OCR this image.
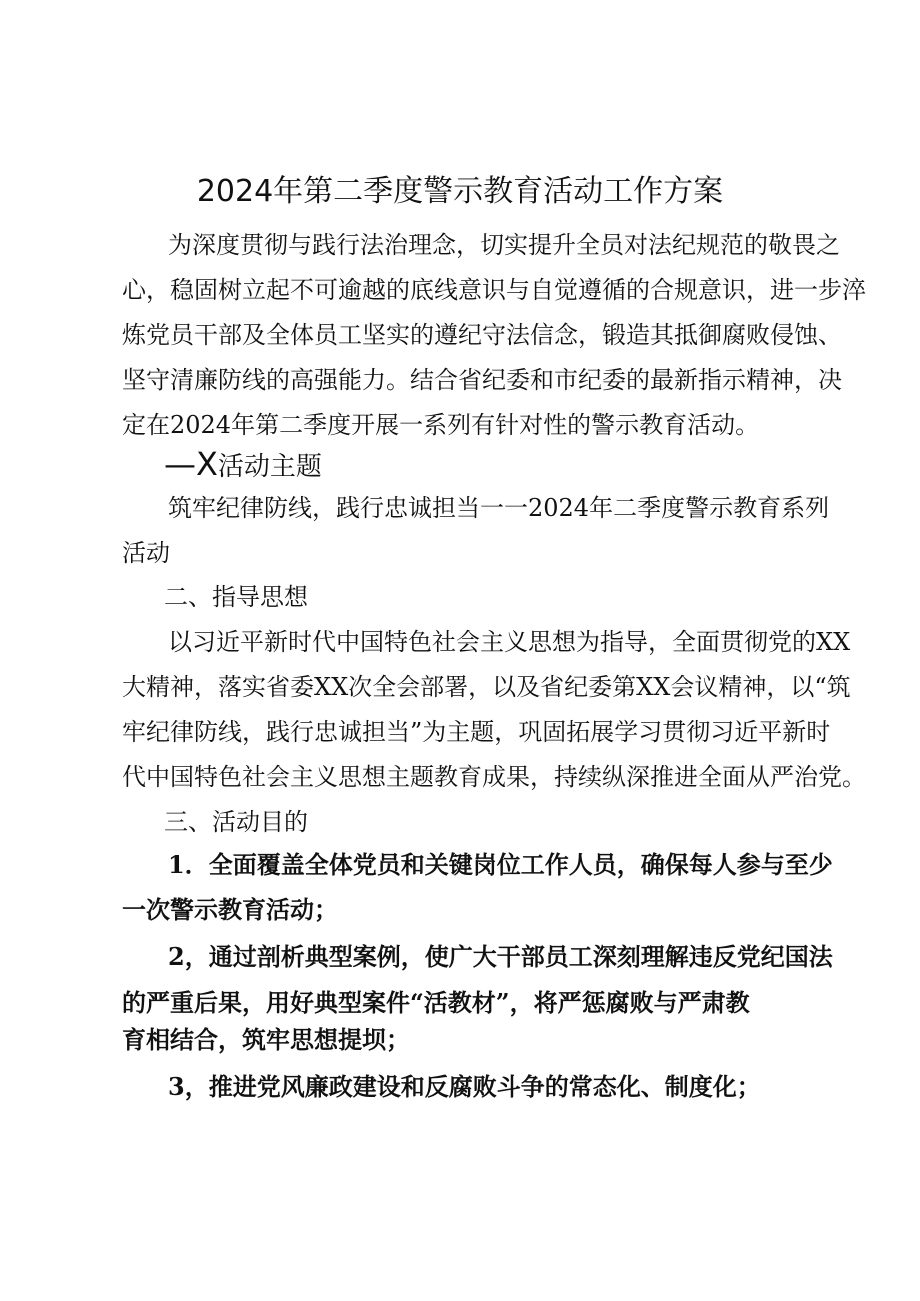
2024年第二季度警示教育活动工作方案
为深度贯彻与践行法治理念，切实提升全员对法纪规范的敬畏之
心，稳固树立起不可逾越的底线意识与自觉遵循的合规意识，进一步淬
炼党员干部及全体员工坚实的遵纪守法信念，锻造其抵御腐败侵蚀、
坚守清廉防线的高强能力。结合省纪委和市纪委的最新指示精神，决
定在2024年第二季度开展一系列有针对性的警示教育活动。
—X活动主题
筑牢纪律防线，践行忠诚担当一一2024年二季度警示教育系列
活动
二、指导思想
以习近平新时代中国特色社会主义思想为指导，全面贯彻党的XX
大精神，落实省委XX次全会部署，以及省纪委第XX会议精神，以“筑
牢纪律防线，践行忠诚担当”为主题，巩固拓展学习贯彻习近平新时
代中国特色社会主义思想主题教育成果，持续纵深推进全面从严治党。
三、活动目的
1．全面覆盖全体党员和关键岗位工作人员，确保每人参与至少
一次警示教育活动；
2，通过剖析典型案例，使广大干部员工深刻理解违反党纪国法
的严重后果，用好典型案件“活教材”，将严惩腐败与严肃教
育相结合，筑牢思想提坝；
3，推进党风廉政建设和反腐败斗争的常态化、制度化；
